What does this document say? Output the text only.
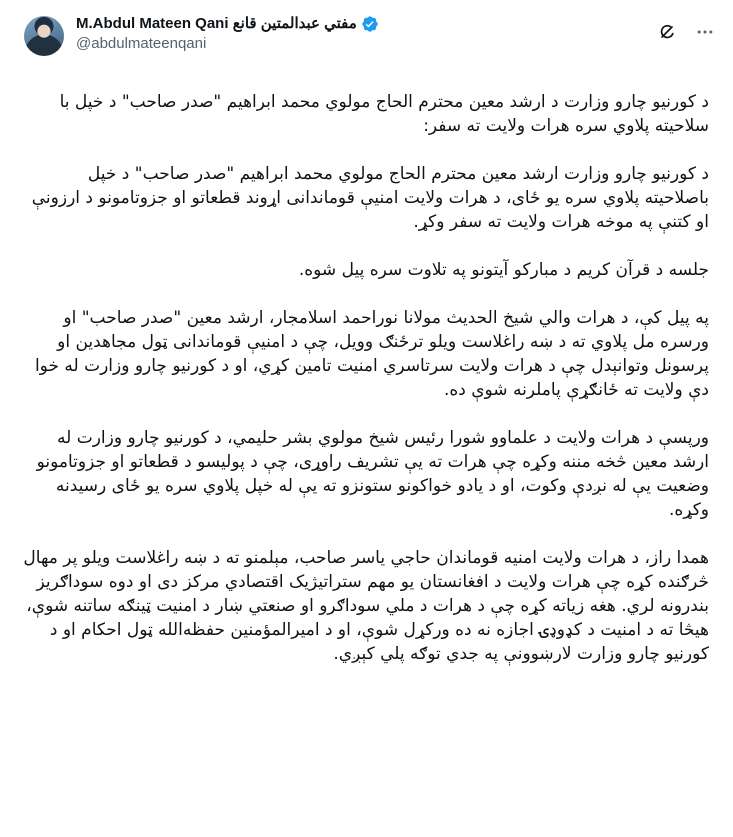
M.Abdul Mateen Qani مفتي عبدالمتین قانع
@abdulmateenqani

د کورنیو چارو وزارت د ارشد معین محترم الحاج مولوي محمد ابراهیم "صدر صاحب" د خپل با سلاحیته پلاوي سره هرات ولایت ته سفر:

د کورنیو چارو وزارت ارشد معین محترم الحاج مولوي محمد ابراهیم "صدر صاحب" د خپل باصلاحیته پلاوي سره یو ځای، د هرات ولایت امنیې قوماندانی اړوند قطعاتو او جزوتامونو د ارزونې او کتنې په موخه هرات ولایت ته سفر وکړ.

جلسه د قرآن کریم د مبارکو آیتونو په تلاوت سره پیل شوه.

په پیل کې، د هرات والي شیخ الحدیث مولانا نوراحمد اسلامجار، ارشد معین "صدر صاحب" او ورسره مل پلاوي ته د ښه راغلاست ویلو ترځنګ وویل، چې د امنیې قوماندانی ټول مجاهدین او پرسونل وتوانېدل چې د هرات ولایت سرتاسري امنیت تامین کړي، او د کورنیو چارو وزارت له خوا دې ولایت ته ځانګړې پاملرنه شوې ده.

ورپسې د هرات ولایت د علماوو شورا رئیس شیخ مولوي بشر حلیمي، د کورنیو چارو وزارت له ارشد معین څخه مننه وکړه چې هرات ته یې تشریف راوړی، چې د پولیسو د قطعاتو او جزوتامونو وضعیت یې له نږدې وکوت، او د یادو خواکونو ستونزو ته یې له خپل پلاوي سره یو ځای رسیدنه وکړه.

همدا راز، د هرات ولایت امنیه قوماندان حاجي یاسر صاحب، مېلمنو ته د ښه راغلاست ویلو پر مهال څرګنده کړه چې هرات ولایت د افغانستان یو مهم ستراتیژیک اقتصادي مرکز دی او دوه سوداګریز بندرونه لري. هغه زیاته کړه چې د هرات د ملي سوداګرو او صنعتي ښار د امنیت ټینګه ساتنه شوې، هیڅا ته د امنیت د کډوډۍ اجازه نه ده ورکړل شوې، او د امیرالمؤمنین حفظه‌الله ټول احکام او د کورنیو چارو وزارت لارښوونې په جدي توګه پلي کېږي.
